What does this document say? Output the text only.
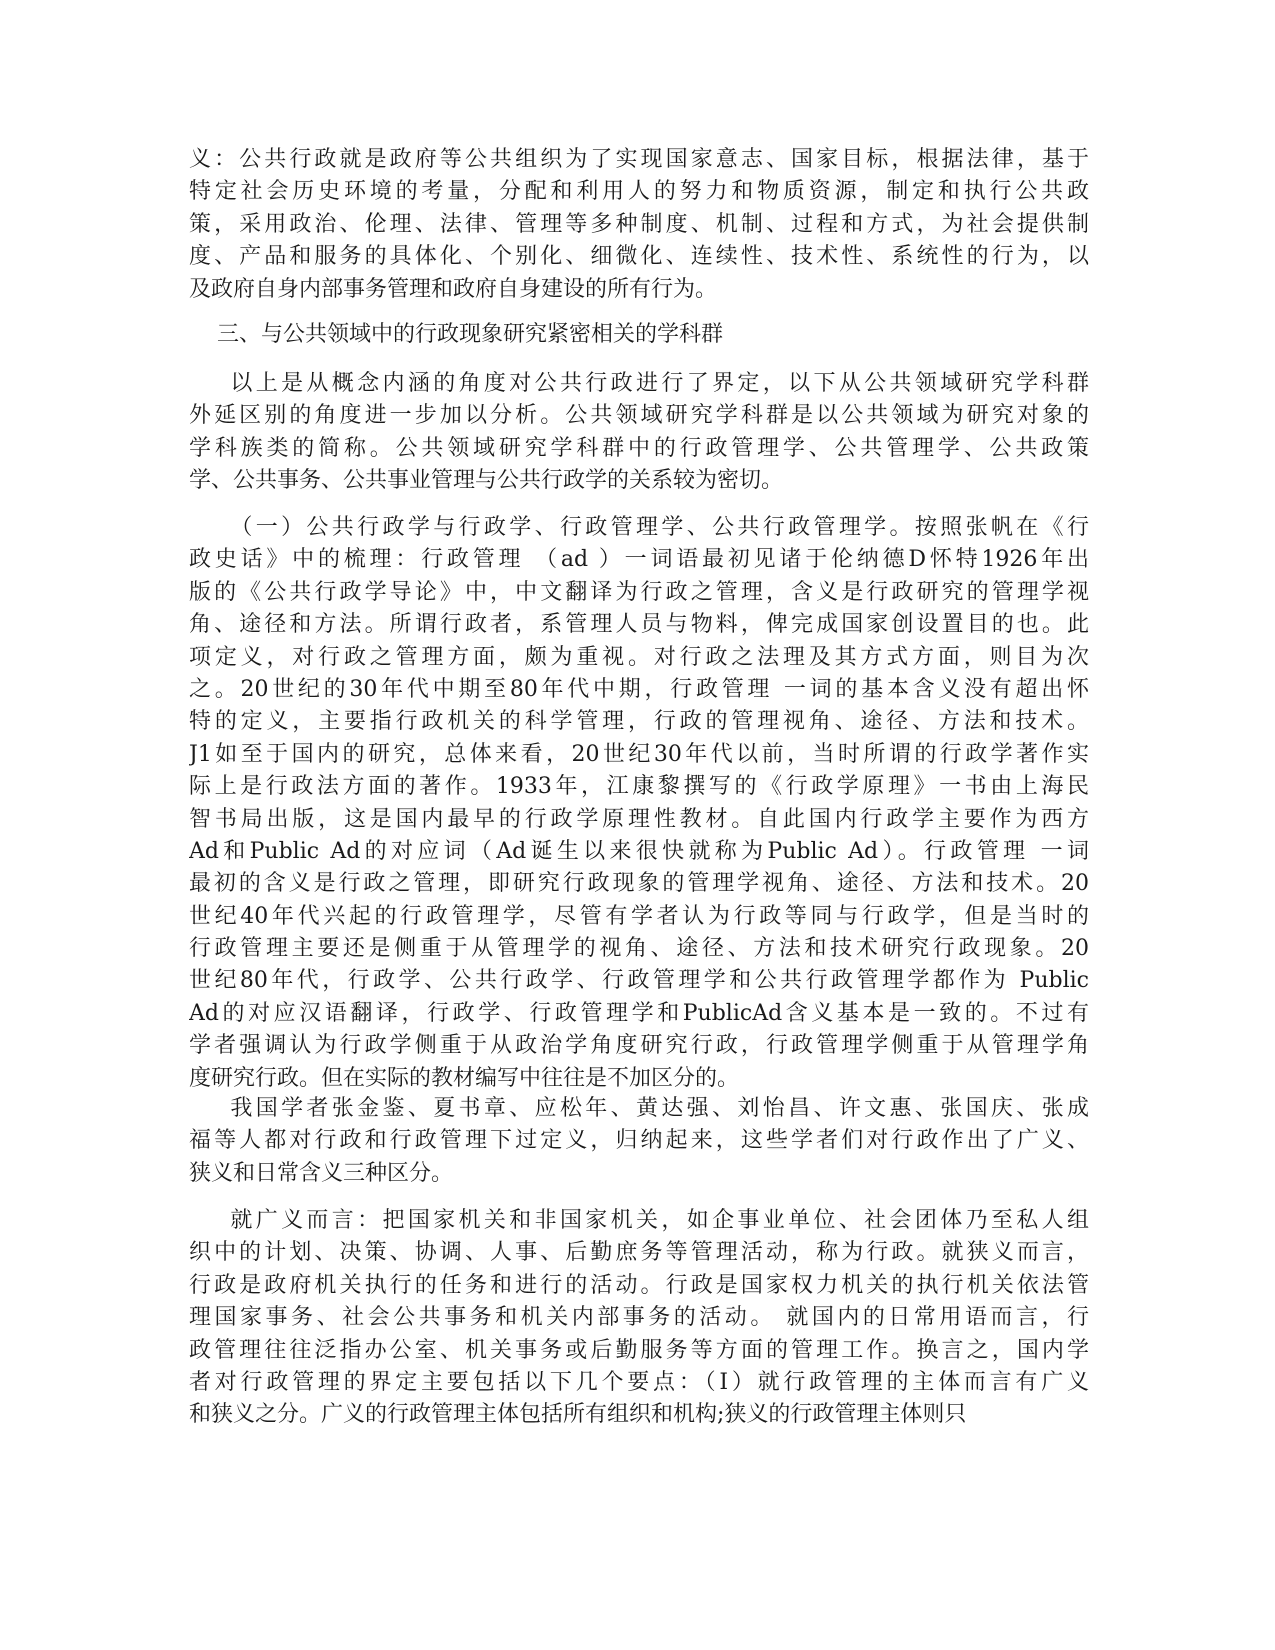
义：公共行政就是政府等公共组织为了实现国家意志、国家目标，根据法律，基于
特定社会历史环境的考量，分配和利用人的努力和物质资源，制定和执行公共政
策，采用政治、伦理、法律、管理等多种制度、机制、过程和方式，为社会提供制
度、产品和服务的具体化、个别化、细微化、连续性、技术性、系统性的行为，以
及政府自身内部事务管理和政府自身建设的所有行为。
三、与公共领域中的行政现象研究紧密相关的学科群
以上是从概念内涵的角度对公共行政进行了界定，以下从公共领域研究学科群
外延区别的角度进一步加以分析。公共领域研究学科群是以公共领域为研究对象的
学科族类的简称。公共领域研究学科群中的行政管理学、公共管理学、公共政策
学、公共事务、公共事业管理与公共行政学的关系较为密切。
（一）公共行政学与行政学、行政管理学、公共行政管理学。按照张帆在《行
政史话》中的梳理：行政管理 （ad ）一词语最初见诸于伦纳德D怀特1926年出
版的《公共行政学导论》中，中文翻译为行政之管理，含义是行政研究的管理学视
角、途径和方法。所谓行政者，系管理人员与物料，俾完成国家创设置目的也。此
项定义，对行政之管理方面，颇为重视。对行政之法理及其方式方面，则目为次
之。20世纪的30年代中期至80年代中期，行政管理 一词的基本含义没有超出怀
特的定义，主要指行政机关的科学管理，行政的管理视角、途径、方法和技术。
J1如至于国内的研究，总体来看，20世纪30年代以前，当时所谓的行政学著作实
际上是行政法方面的著作。1933年，江康黎撰写的《行政学原理》一书由上海民
智书局出版，这是国内最早的行政学原理性教材。自此国内行政学主要作为西方
Ad和Public Ad的对应词（Ad诞生以来很快就称为Public Ad）。行政管理 一词
最初的含义是行政之管理，即研究行政现象的管理学视角、途径、方法和技术。20
世纪40年代兴起的行政管理学，尽管有学者认为行政等同与行政学，但是当时的
行政管理主要还是侧重于从管理学的视角、途径、方法和技术研究行政现象。20
世纪80年代，行政学、公共行政学、行政管理学和公共行政管理学都作为 Public
Ad的对应汉语翻译，行政学、行政管理学和PublicAd含义基本是一致的。不过有
学者强调认为行政学侧重于从政治学角度研究行政，行政管理学侧重于从管理学角
度研究行政。但在实际的教材编写中往往是不加区分的。
我国学者张金鉴、夏书章、应松年、黄达强、刘怡昌、许文惠、张国庆、张成
福等人都对行政和行政管理下过定义，归纳起来，这些学者们对行政作出了广义、
狭义和日常含义三种区分。
就广义而言：把国家机关和非国家机关，如企事业单位、社会团体乃至私人组
织中的计划、决策、协调、人事、后勤庶务等管理活动，称为行政。就狭义而言，
行政是政府机关执行的任务和进行的活动。行政是国家权力机关的执行机关依法管
理国家事务、社会公共事务和机关内部事务的活动。 就国内的日常用语而言，行
政管理往往泛指办公室、机关事务或后勤服务等方面的管理工作。换言之，国内学
者对行政管理的界定主要包括以下几个要点：（I）就行政管理的主体而言有广义
和狭义之分。广义的行政管理主体包括所有组织和机构;狭义的行政管理主体则只
